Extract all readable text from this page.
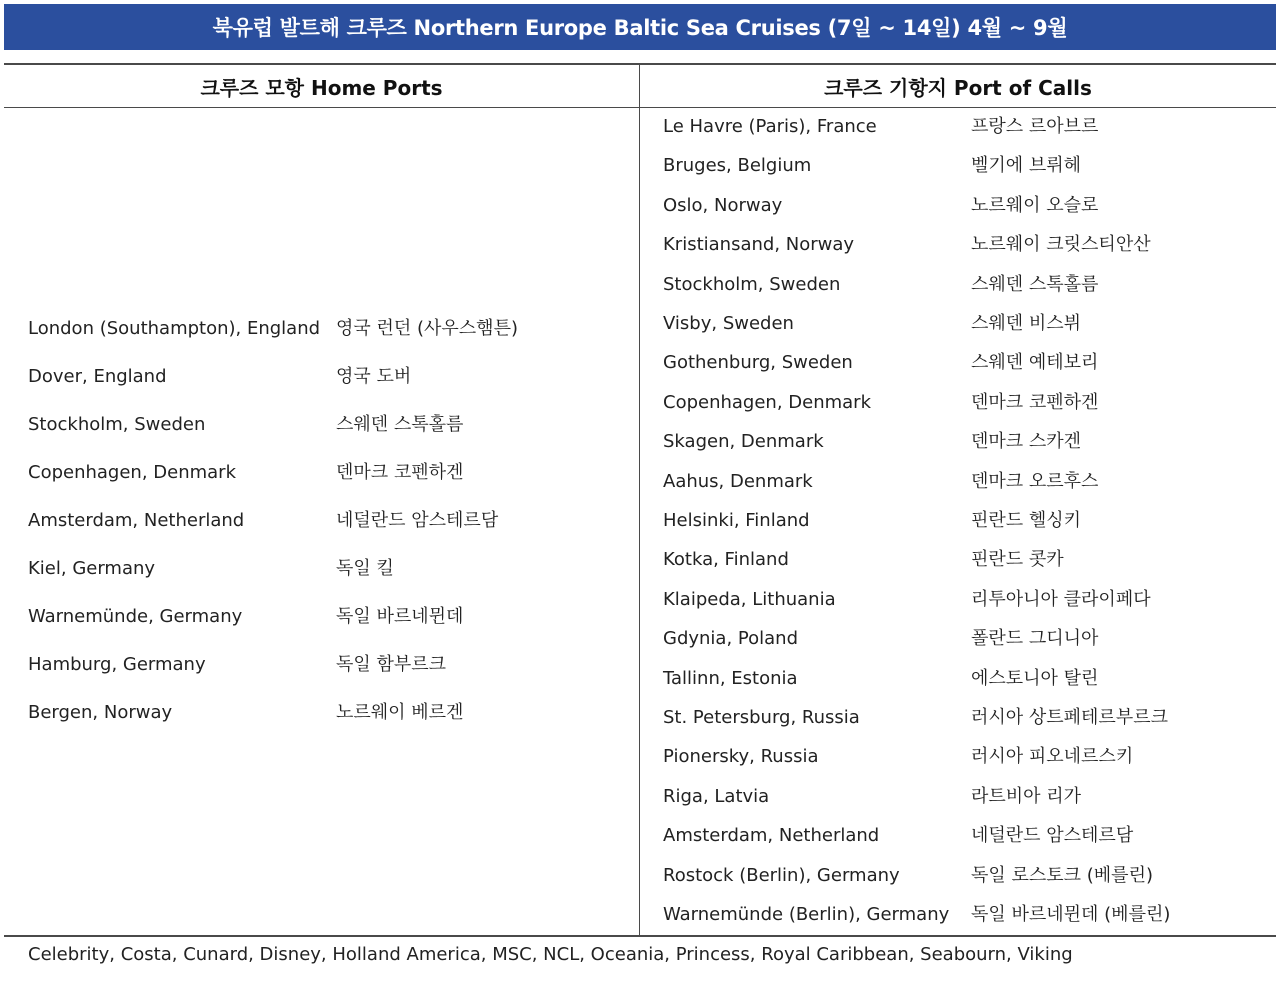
북유럽 발트해 크루즈 Northern Europe Baltic Sea Cruises (7일 ~ 14일) 4월 ~ 9월
크루즈 모항 Home Ports	크루즈 기항지 Port of Calls
London (Southampton), England 영국 런던 (사우스햄튼)
Dover, England	영국 도버
Stockholm, Sweden	스웨덴 스톡홀름
Copenhagen, Denmark	덴마크 코펜하겐
Amsterdam, Netherland	네덜란드 암스테르담
Kiel, Germany	독일 킬
Warnemünde, Germany	독일 바르네뮌데
Hamburg, Germany	독일 함부르크
Bergen, Norway	노르웨이 베르겐
Le Havre (Paris), France	프랑스 르아브르
Bruges, Belgium	벨기에 브뤼헤
Oslo, Norway	노르웨이 오슬로
Kristiansand, Norway	노르웨이 크릿스티안산
Stockholm, Sweden	스웨덴 스톡홀름
Visby, Sweden	스웨덴 비스뷔
Gothenburg, Sweden	스웨덴 예테보리
Copenhagen, Denmark	덴마크 코펜하겐
Skagen, Denmark	덴마크 스카겐
Aahus, Denmark	덴마크 오르후스
Helsinki, Finland	핀란드 헬싱키
Kotka, Finland	핀란드 콧카
Klaipeda, Lithuania	리투아니아 클라이페다
Gdynia, Poland	폴란드 그디니아
Tallinn, Estonia	에스토니아 탈린
St. Petersburg, Russia	러시아 상트페테르부르크
Pionersky, Russia	러시아 피오네르스키
Riga, Latvia	라트비아 리가
Amsterdam, Netherland	네덜란드 암스테르담
Rostock (Berlin), Germany	독일 로스토크 (베를린)
Warnemünde (Berlin), Germany 독일 바르네뮌데 (베를린)
Celebrity, Costa, Cunard, Disney, Holland America, MSC, NCL, Oceania, Princess, Royal Caribbean, Seabourn, Viking
